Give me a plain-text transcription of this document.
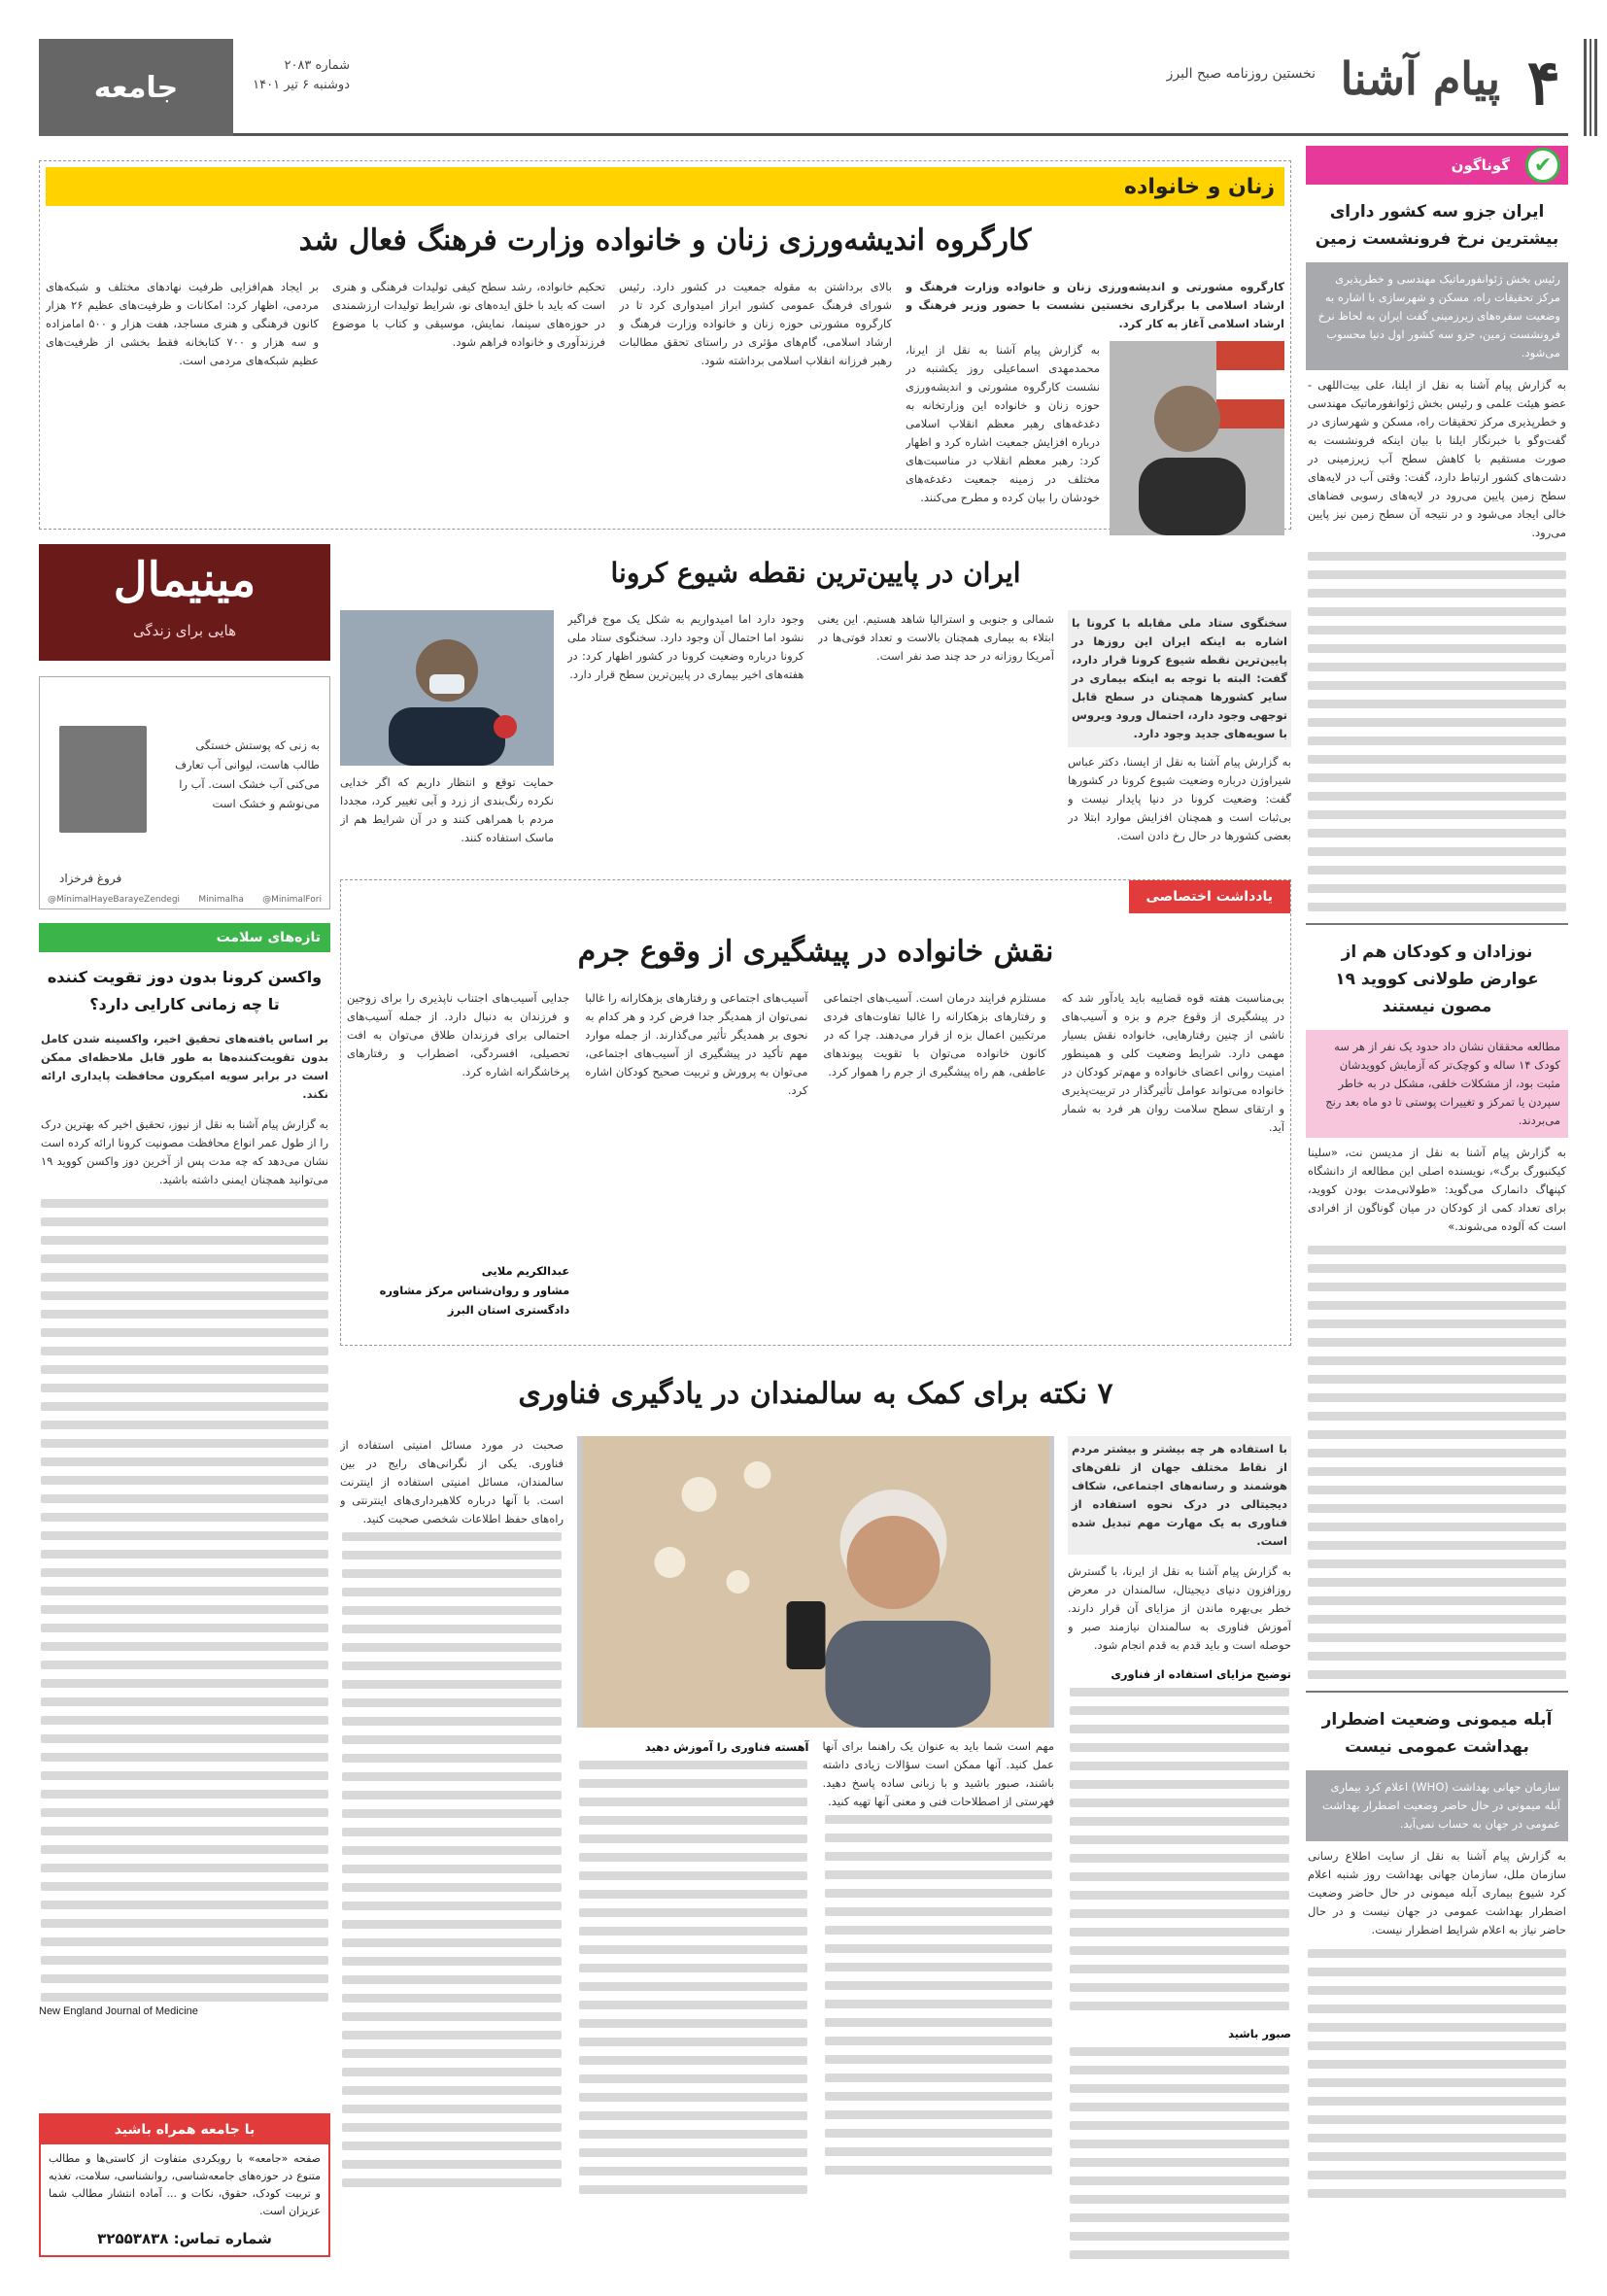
۴
پیام آشنا
نخستین روزنامه صبح البرز
شماره ۲۰۸۳
دوشنبه ۶ تیر ۱۴۰۱
جامعه
✔
گوناگون
ایران جزو سه کشور دارای بیشترین نرخ فرونشست زمین

رئیس بخش ژئوانفورماتیک مهندسی و خطرپذیری مرکز تحقیقات راه، مسکن و شهرسازی با اشاره به وضعیت سفره‌های زیرزمینی گفت ایران به لحاظ نرخ فرونشست زمین، جزو سه کشور اول دنیا محسوب می‌شود.

به گزارش پیام آشنا به نقل از ایلنا، علی بیت‌اللهی - عضو هیئت علمی و رئیس بخش ژئوانفورماتیک مهندسی و خطرپذیری مرکز تحقیقات راه، مسکن و شهرسازی در گفت‌وگو با خبرنگار ایلنا با بیان اینکه فرونشست به صورت مستقیم با کاهش سطح آب زیرزمینی در دشت‌های کشور ارتباط دارد، گفت: وقتی آب در لایه‌های سطح زمین پایین می‌رود در لایه‌های رسوبی فضاهای خالی ایجاد می‌شود و در نتیجه آن سطح زمین نیز پایین می‌رود.

نوزادان و کودکان هم از عوارض طولانی کووید ۱۹ مصون نیستند

مطالعه محققان نشان داد حدود یک نفر از هر سه کودک ۱۴ ساله و کوچک‌تر که آزمایش کوویدشان مثبت بود، از مشکلات خلقی، مشکل در به خاطر سپردن یا تمرکز و تغییرات پوستی تا دو ماه بعد رنج می‌بردند.

به گزارش پیام آشنا به نقل از مدیسن نت، «سلینا کیکنبورگ برگ»، نویسنده اصلی این مطالعه از دانشگاه کپنهاگ دانمارک می‌گوید: «طولانی‌مدت بودن کووید، برای تعداد کمی از کودکان در میان گوناگون از افرادی است که آلوده می‌شوند.»

آبله میمونی وضعیت اضطرار بهداشت عمومی نیست

سازمان جهانی بهداشت (WHO) اعلام کرد بیماری آبله میمونی در حال حاضر وضعیت اضطرار بهداشت عمومی در جهان به حساب نمی‌آید.

به گزارش پیام آشنا به نقل از سایت اطلاع رسانی سازمان ملل، سازمان جهانی بهداشت روز شنبه اعلام کرد شیوع بیماری آبله میمونی در حال حاضر وضعیت اضطرار بهداشت عمومی در جهان نیست و در حال حاضر نیاز به اعلام شرایط اضطرار نیست.

زنان و خانواده
کارگروه اندیشه‌ورزی زنان و خانواده وزارت فرهنگ فعال شد

کارگروه مشورتی و اندیشه‌ورزی زنان و خانواده وزارت فرهنگ و ارشاد اسلامی با برگزاری نخستین نشست با حضور وزیر فرهنگ و ارشاد اسلامی آغاز به کار کرد.

به گزارش پیام آشنا به نقل از ایرنا، محمدمهدی اسماعیلی روز یکشنبه در نشست کارگروه مشورتی و اندیشه‌ورزی حوزه زنان و خانواده این وزارتخانه به دغدغه‌های رهبر معظم انقلاب اسلامی درباره افزایش جمعیت اشاره کرد و اظهار کرد: رهبر معظم انقلاب در مناسبت‌های مختلف در زمینه جمعیت دغدغه‌های خودشان را بیان کرده و مطرح می‌کنند.

بالای برداشتن به مقوله جمعیت در کشور دارد. رئیس شورای فرهنگ عمومی کشور ابراز امیدواری کرد تا در کارگروه مشورتی حوزه زنان و خانواده وزارت فرهنگ و ارشاد اسلامی، گام‌های مؤثری در راستای تحقق مطالبات رهبر فرزانه انقلاب اسلامی برداشته شود.

تحکیم خانواده، رشد سطح کیفی تولیدات فرهنگی و هنری است که باید با خلق ایده‌های نو، شرایط تولیدات ارزشمندی در حوزه‌های سینما، نمایش، موسیقی و کتاب با موضوع فرزندآوری و خانواده فراهم شود.

بر ایجاد هم‌افزایی ظرفیت نهادهای مختلف و شبکه‌های مردمی، اظهار کرد: امکانات و ظرفیت‌های عظیم ۲۶ هزار کانون فرهنگی و هنری مساجد، هفت هزار و ۵۰۰ امامزاده و سه هزار و ۷۰۰ کتابخانه فقط بخشی از ظرفیت‌های عظیم شبکه‌های مردمی است.

مینیمال
هایی برای زندگی

به زنی که پوستش خستگی طالب هاست، لیوانی آب تعارف می‌کنی آب خشک است. آب را می‌نوشم و خشک است

فروغ فرخزاد
@MinimalHayeBarayeZendegi Minimalha @MinimalFori
تازه‌های سلامت
واکسن کرونا بدون دوز تقویت کننده تا چه زمانی کارایی دارد؟

بر اساس یافته‌های تحقیق اخیر، واکسینه شدن کامل بدون تقویت‌کننده‌ها به طور قابل ملاحظه‌ای ممکن است در برابر سویه امیکرون محافظت پایداری ارائه نکند.

به گزارش پیام آشنا به نقل از نیوز، تحقیق اخیر که بهترین درک را از طول عمر انواع محافظت مصونیت کرونا ارائه کرده است نشان می‌دهد که چه مدت پس از آخرین دوز واکسن کووید ۱۹ می‌توانید همچنان ایمنی داشته باشید.

New England Journal of Medicine

با جامعه همراه باشید

صفحه «جامعه» با رویکردی متفاوت از کاستی‌ها و مطالب متنوع در حوزه‌های جامعه‌شناسی، روانشناسی، سلامت، تغذیه و تربیت کودک، حقوق، نکات و ... آماده انتشار مطالب شما عزیزان است.

شماره تماس: ۳۲۵۵۳۸۳۸
ایران در پایین‌ترین نقطه شیوع کرونا

سخنگوی ستاد ملی مقابله با کرونا با اشاره به اینکه ایران این روزها در پایین‌ترین نقطه شیوع کرونا قرار دارد، گفت: البته با توجه به اینکه بیماری در سایر کشورها همچنان در سطح قابل توجهی وجود دارد، احتمال ورود ویروس با سویه‌های جدید وجود دارد.

به گزارش پیام آشنا به نقل از ایسنا، دکتر عباس شیراوژن درباره وضعیت شیوع کرونا در کشورها گفت: وضعیت کرونا در دنیا پایدار نیست و بی‌ثبات است و همچنان افزایش موارد ابتلا در بعضی کشورها در حال رخ دادن است.

شمالی و جنوبی و استرالیا شاهد هستیم. این یعنی ابتلاء به بیماری همچنان بالاست و تعداد فوتی‌ها در آمریکا روزانه در حد چند صد نفر است.

وجود دارد اما امیدواریم به شکل یک موج فراگیر نشود اما احتمال آن وجود دارد. سخنگوی ستاد ملی کرونا درباره وضعیت کرونا در کشور اظهار کرد: در هفته‌های اخیر بیماری در پایین‌ترین سطح قرار دارد.

حمایت توقع و انتظار داریم که اگر خدایی نکرده رنگ‌بندی از زرد و آبی تغییر کرد، مجددا مردم با همراهی کنند و در آن شرایط هم از ماسک استفاده کنند.

یادداشت اختصاصی
نقش خانواده در پیشگیری از وقوع جرم

بی‌مناسبت هفته قوه قضاییه باید یادآور شد که در پیشگیری از وقوع جرم و بزه و آسیب‌های ناشی از چنین رفتارهایی، خانواده نقش بسیار مهمی دارد. شرایط وضعیت کلی و همینطور امنیت روانی اعضای خانواده و مهم‌تر کودکان در خانواده می‌تواند عوامل تأثیرگذار در تربیت‌پذیری و ارتقای سطح سلامت روان هر فرد به شمار آید.

مستلزم فرایند درمان است. آسیب‌های اجتماعی و رفتارهای بزهکارانه را غالبا تفاوت‌های فردی مرتکبین اعمال بزه از قرار می‌دهند. چرا که در کانون خانواده می‌توان با تقویت پیوندهای عاطفی، هم راه پیشگیری از جرم را هموار کرد.

آسیب‌های اجتماعی و رفتارهای بزهکارانه را غالبا نمی‌توان از همدیگر جدا فرض کرد و هر کدام به نحوی بر همدیگر تأثیر می‌گذارند. از جمله موارد مهم تأکید در پیشگیری از آسیب‌های اجتماعی، می‌توان به پرورش و تربیت صحیح کودکان اشاره کرد.

جدایی آسیب‌های اجتناب ناپذیری را برای زوجین و فرزندان به دنبال دارد. از جمله آسیب‌های احتمالی برای فرزندان طلاق می‌توان به افت تحصیلی، افسردگی، اضطراب و رفتارهای پرخاشگرانه اشاره کرد.

عبدالکریم ملایی
مشاور و روان‌شناس مرکز مشاوره
دادگستری استان البرز
۷ نکته برای کمک به سالمندان در یادگیری فناوری

با استفاده هر چه بیشتر و بیشتر مردم از نقاط مختلف جهان از تلفن‌های هوشمند و رسانه‌های اجتماعی، شکاف دیجیتالی در درک نحوه استفاده از فناوری به یک مهارت مهم تبدیل شده است.

به گزارش پیام آشنا به نقل از ایرنا، با گسترش روزافزون دنیای دیجیتال، سالمندان در معرض خطر بی‌بهره ماندن از مزایای آن قرار دارند. آموزش فناوری به سالمندان نیازمند صبر و حوصله است و باید قدم به قدم انجام شود.

توضیح مزایای استفاده از فناوری
صبور باشید

مهم است شما باید به عنوان یک راهنما برای آنها عمل کنید. آنها ممکن است سؤالات زیادی داشته باشند، صبور باشید و با زبانی ساده پاسخ دهید. فهرستی از اصطلاحات فنی و معنی آنها تهیه کنید.

آهسته فناوری را آموزش دهید

صحبت در مورد مسائل امنیتی استفاده از فناوری. یکی از نگرانی‌های رایج در بین سالمندان، مسائل امنیتی استفاده از اینترنت است. با آنها درباره کلاهبرداری‌های اینترنتی و راه‌های حفظ اطلاعات شخصی صحبت کنید.
